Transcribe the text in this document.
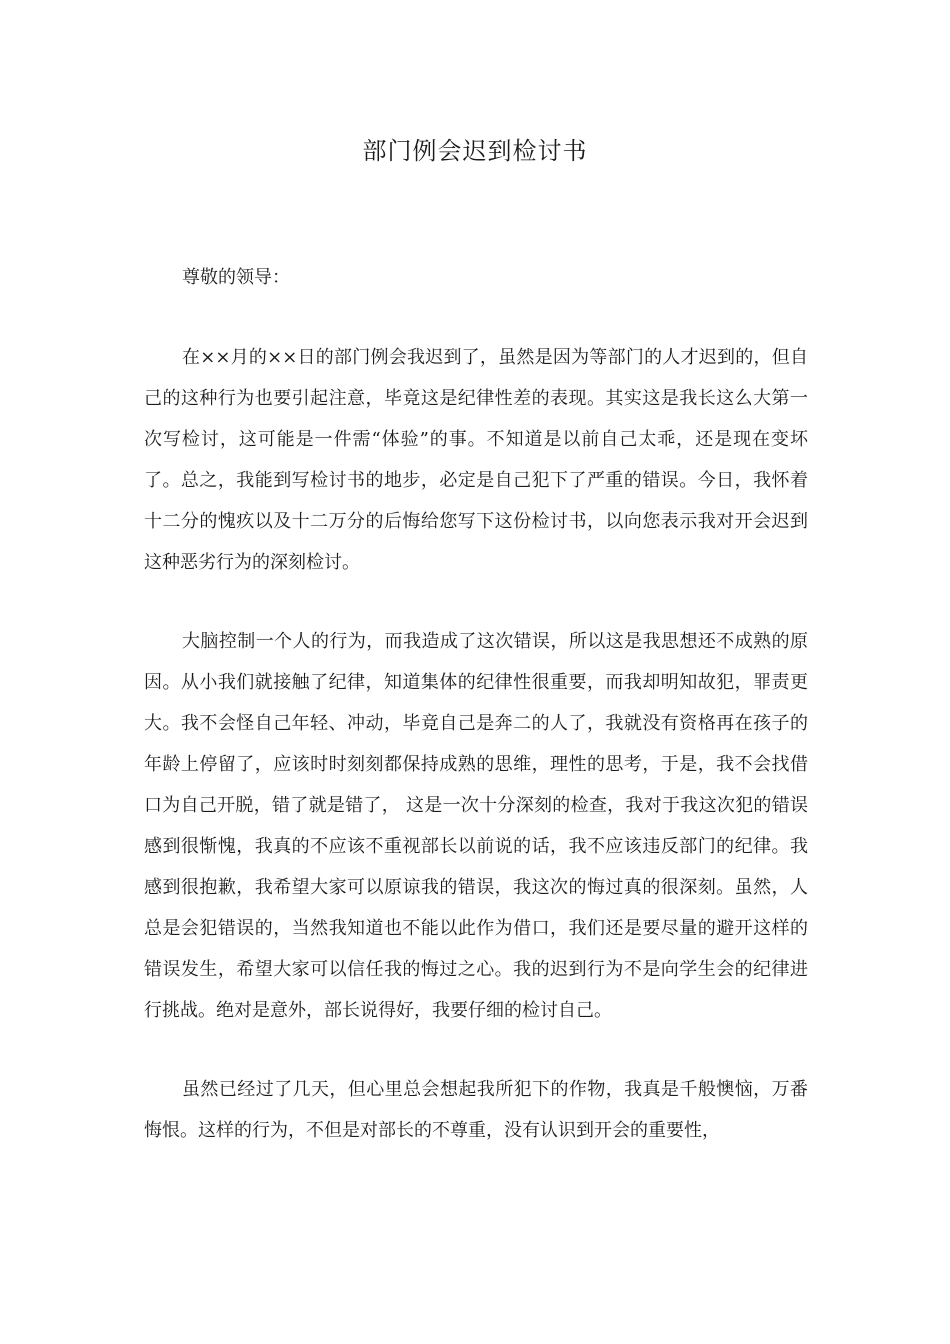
部门例会迟到检讨书

尊敬的领导：

在××月的××日的部门例会我迟到了，虽然是因为等部门的人才迟到的，但自己的这种行为也要引起注意，毕竟这是纪律性差的表现。其实这是我长这么大第一次写检讨，这可能是一件需“体验”的事。不知道是以前自己太乖，还是现在变坏了。总之，我能到写检讨书的地步，必定是自己犯下了严重的错误。今日，我怀着十二分的愧疚以及十二万分的后悔给您写下这份检讨书，以向您表示我对开会迟到这种恶劣行为的深刻检讨。

大脑控制一个人的行为，而我造成了这次错误，所以这是我思想还不成熟的原因。从小我们就接触了纪律，知道集体的纪律性很重要，而我却明知故犯，罪责更大。我不会怪自己年轻、冲动，毕竟自己是奔二的人了，我就没有资格再在孩子的年龄上停留了，应该时时刻刻都保持成熟的思维，理性的思考，于是，我不会找借口为自己开脱，错了就是错了， 这是一次十分深刻的检查，我对于我这次犯的错误感到很惭愧，我真的不应该不重视部长以前说的话，我不应该违反部门的纪律。我感到很抱歉，我希望大家可以原谅我的错误，我这次的悔过真的很深刻。虽然，人总是会犯错误的，当然我知道也不能以此作为借口，我们还是要尽量的避开这样的错误发生，希望大家可以信任我的悔过之心。我的迟到行为不是向学生会的纪律进行挑战。绝对是意外，部长说得好，我要仔细的检讨自己。

虽然已经过了几天，但心里总会想起我所犯下的作物，我真是千般懊恼，万番悔恨。这样的行为，不但是对部长的不尊重，没有认识到开会的重要性，
